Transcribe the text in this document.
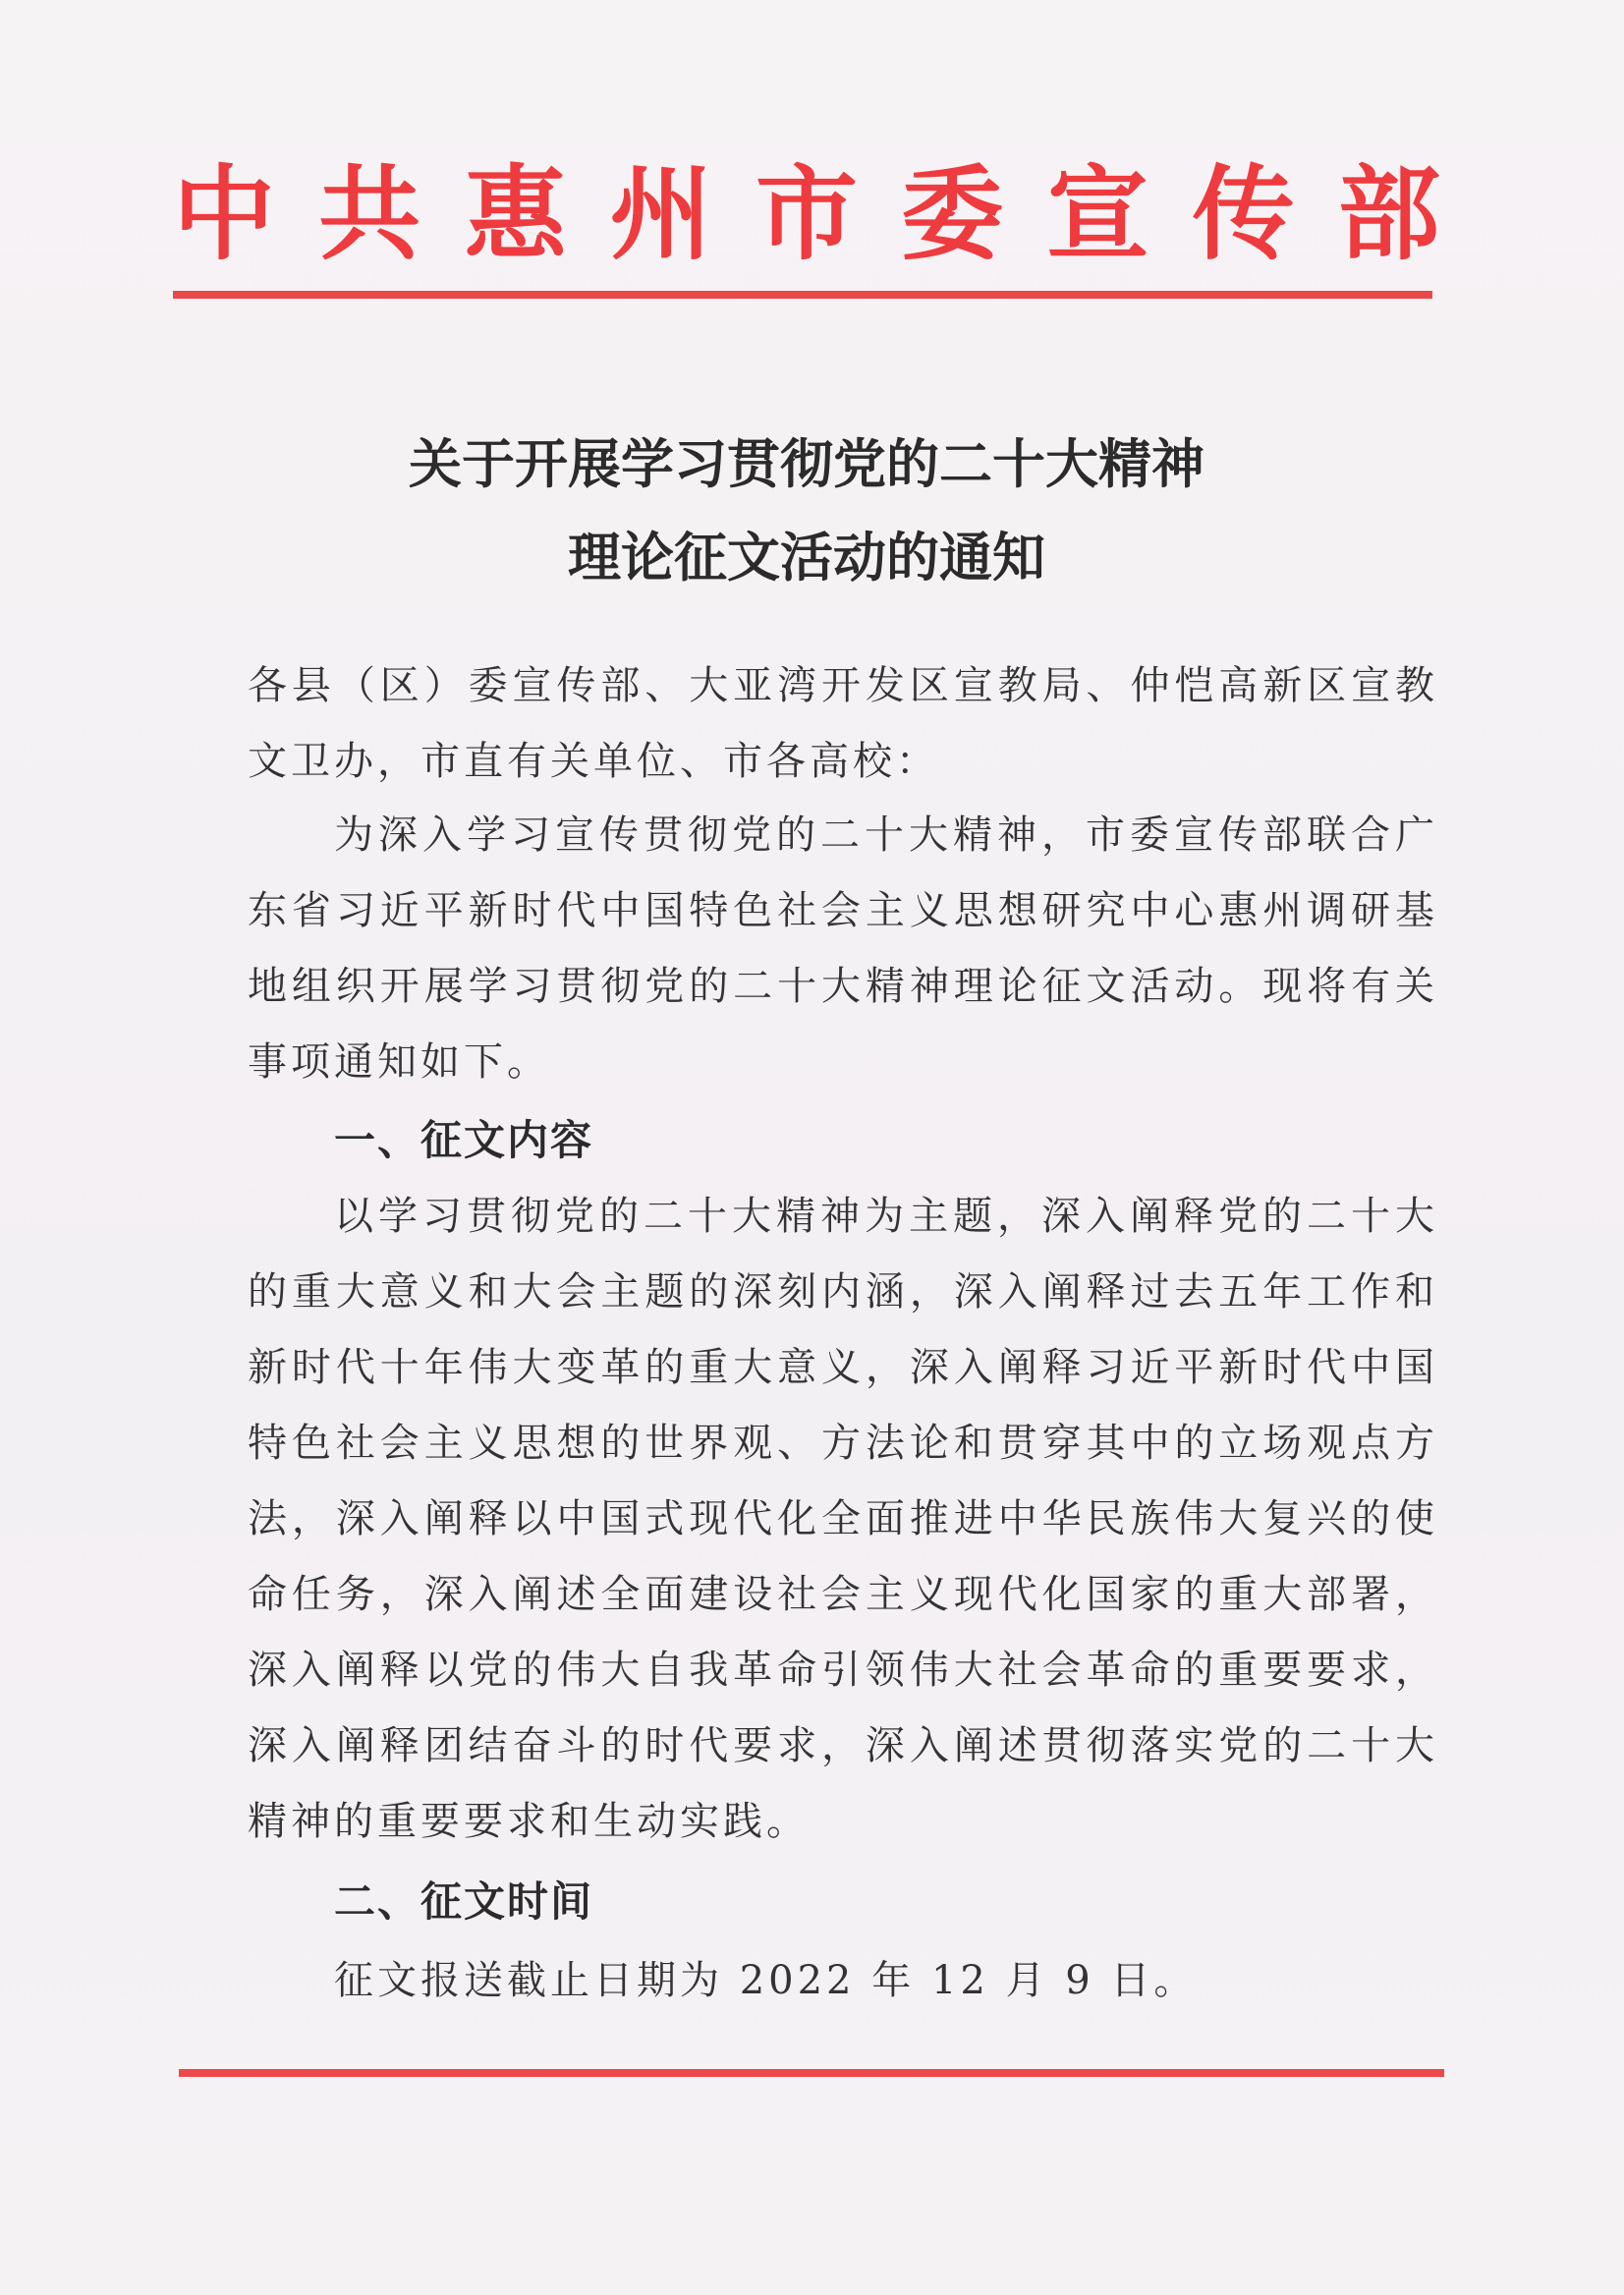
中 共 惠 州 市 委 宣 传 部
关于开展学习贯彻党的二十大精神
理论征文活动的通知

各县（区）委宣传部、大亚湾开发区宣教局、仲恺高新区宣教文卫办，市直有关单位、市各高校：

为深入学习宣传贯彻党的二十大精神，市委宣传部联合广东省习近平新时代中国特色社会主义思想研究中心惠州调研基地组织开展学习贯彻党的二十大精神理论征文活动。现将有关事项通知如下。

一、征文内容

以学习贯彻党的二十大精神为主题，深入阐释党的二十大的重大意义和大会主题的深刻内涵，深入阐释过去五年工作和新时代十年伟大变革的重大意义，深入阐释习近平新时代中国特色社会主义思想的世界观、方法论和贯穿其中的立场观点方法，深入阐释以中国式现代化全面推进中华民族伟大复兴的使命任务，深入阐述全面建设社会主义现代化国家的重大部署，深入阐释以党的伟大自我革命引领伟大社会革命的重要要求，深入阐释团结奋斗的时代要求，深入阐述贯彻落实党的二十大精神的重要要求和生动实践。

二、征文时间

征文报送截止日期为 2022 年 12 月 9 日。
